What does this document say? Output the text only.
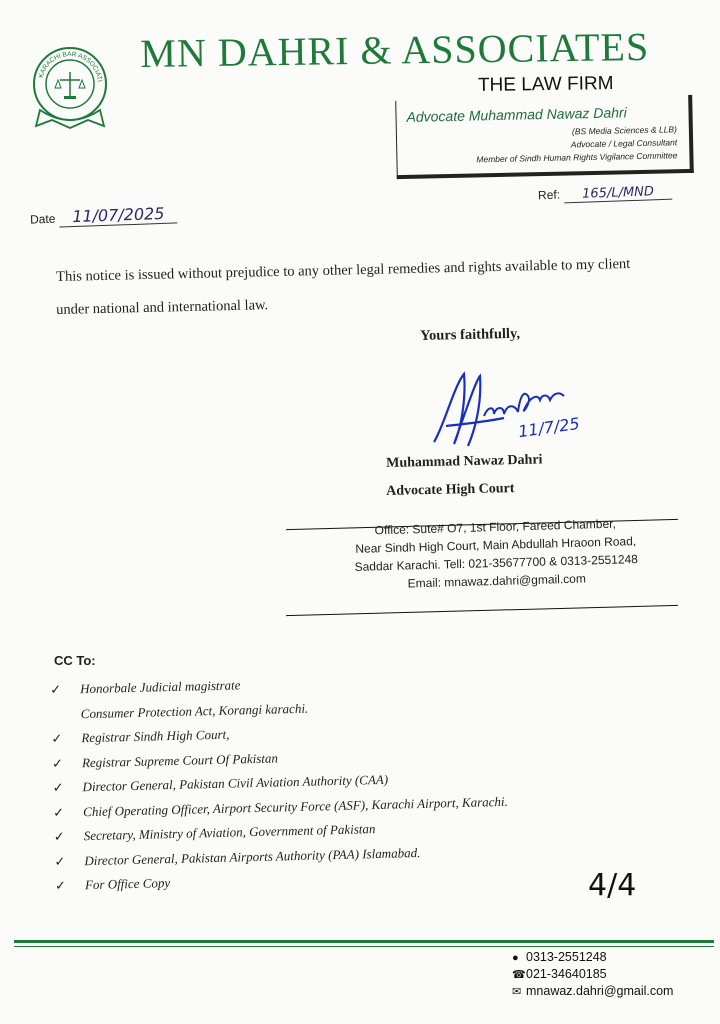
KARACHI BAR ASSOCIATI
MN DAHRI & ASSOCIATES
THE LAW FIRM
Advocate Muhammad Nawaz Dahri
(BS Media Sciences & LLB)
Advocate / Legal Consultant
Member of Sindh Human Rights Vigilance Committee
Date 11/07/2025
Ref: 165/L/MND
This notice is issued without prejudice to any other legal remedies and rights available to my client
under national and international law.
Yours faithfully,
11/7/25
Muhammad Nawaz Dahri
Advocate High Court
Office: Sute# O7, 1st Floor, Fareed Chamber,
Near Sindh High Court, Main Abdullah Hraoon Road,
Saddar Karachi. Tell: 021-35677700 & 0313-2551248
Email: mnawaz.dahri@gmail.com
CC To:
✓ Honorbale Judicial magistrate
Consumer Protection Act, Korangi karachi.
✓ Registrar Sindh High Court,
✓ Registrar Supreme Court Of Pakistan
✓ Director General, Pakistan Civil Aviation Authority (CAA)
✓ Chief Operating Officer, Airport Security Force (ASF), Karachi Airport, Karachi.
✓ Secretary, Ministry of Aviation, Government of Pakistan
✓ Director General, Pakistan Airports Authority (PAA) Islamabad.
✓ For Office Copy	4/4
● 0313-2551248
☎021-34640185
✉ mnawaz.dahri@gmail.com
